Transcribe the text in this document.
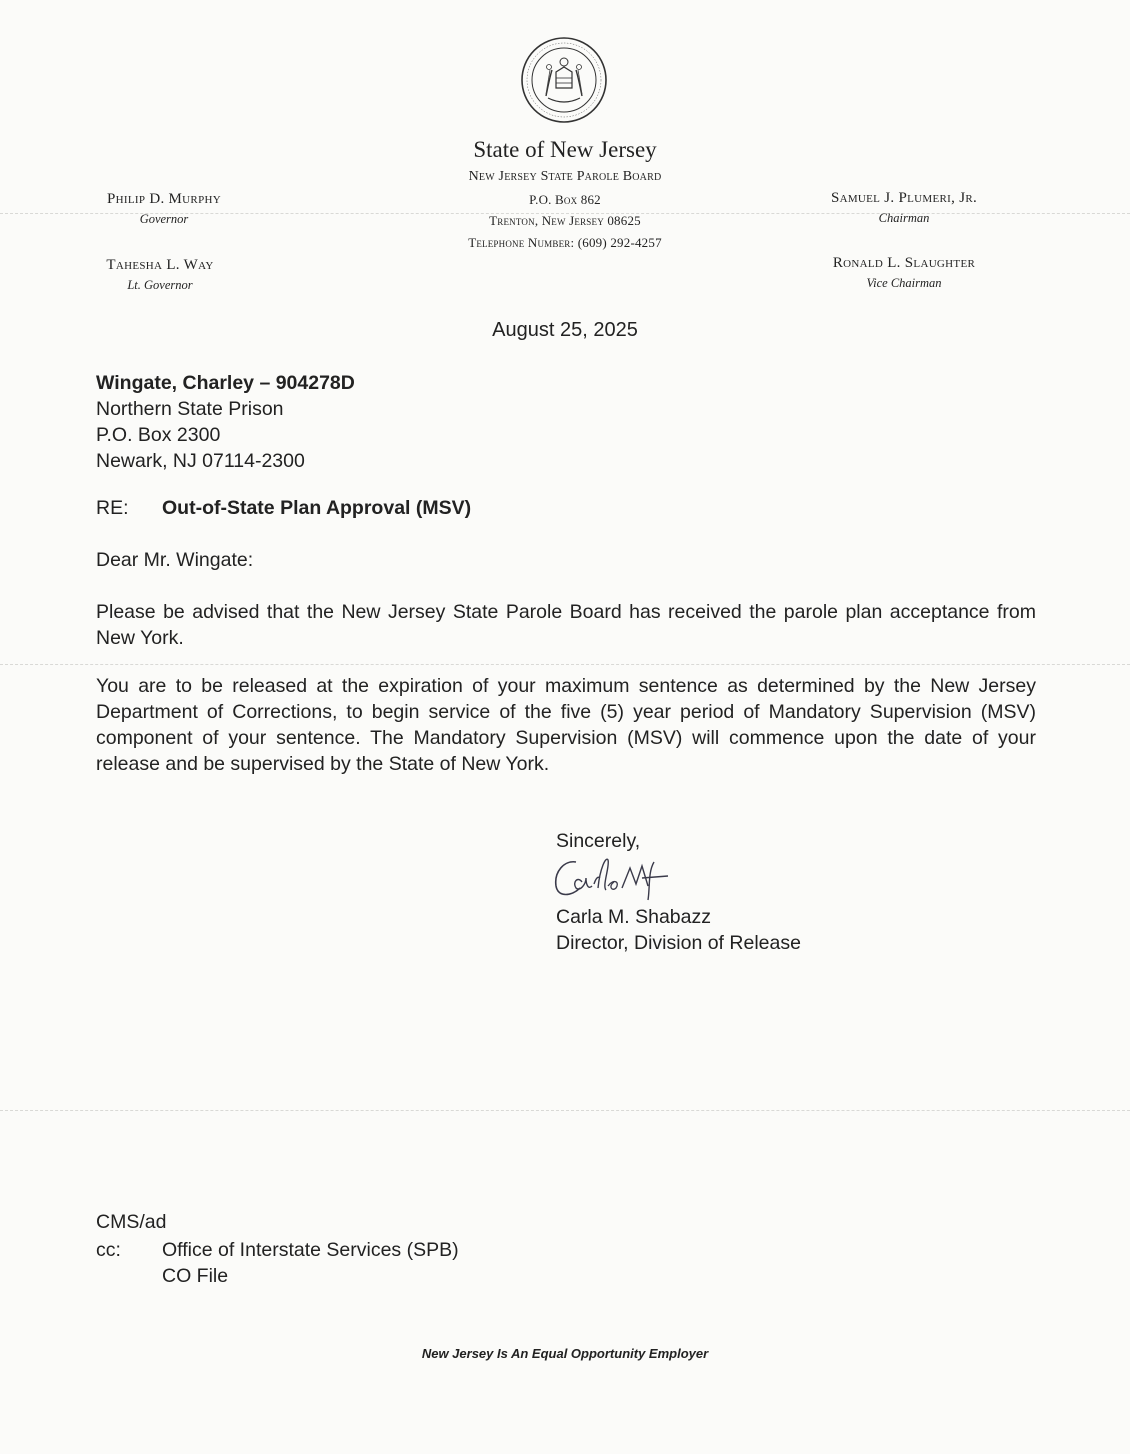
State of New Jersey
New Jersey State Parole Board
P.O. Box 862
Trenton, New Jersey 08625
Telephone Number: (609) 292-4257
Philip D. Murphy
Governor
Tahesha L. Way
Lt. Governor
Samuel J. Plumeri, Jr.
Chairman
Ronald L. Slaughter
Vice Chairman
August 25, 2025
Wingate, Charley – 904278D
Northern State Prison
P.O. Box 2300
Newark, NJ 07114-2300
RE: Out-of-State Plan Approval (MSV)
Dear Mr. Wingate:
Please be advised that the New Jersey State Parole Board has received the parole plan acceptance from New York.
You are to be released at the expiration of your maximum sentence as determined by the New Jersey Department of Corrections, to begin service of the five (5) year period of Mandatory Supervision (MSV) component of your sentence. The Mandatory Supervision (MSV) will commence upon the date of your release and be supervised by the State of New York.
Sincerely,
Carla M. Shabazz
Director, Division of Release
CMS/ad
cc: Office of Interstate Services (SPB)
CO File
New Jersey Is An Equal Opportunity Employer
